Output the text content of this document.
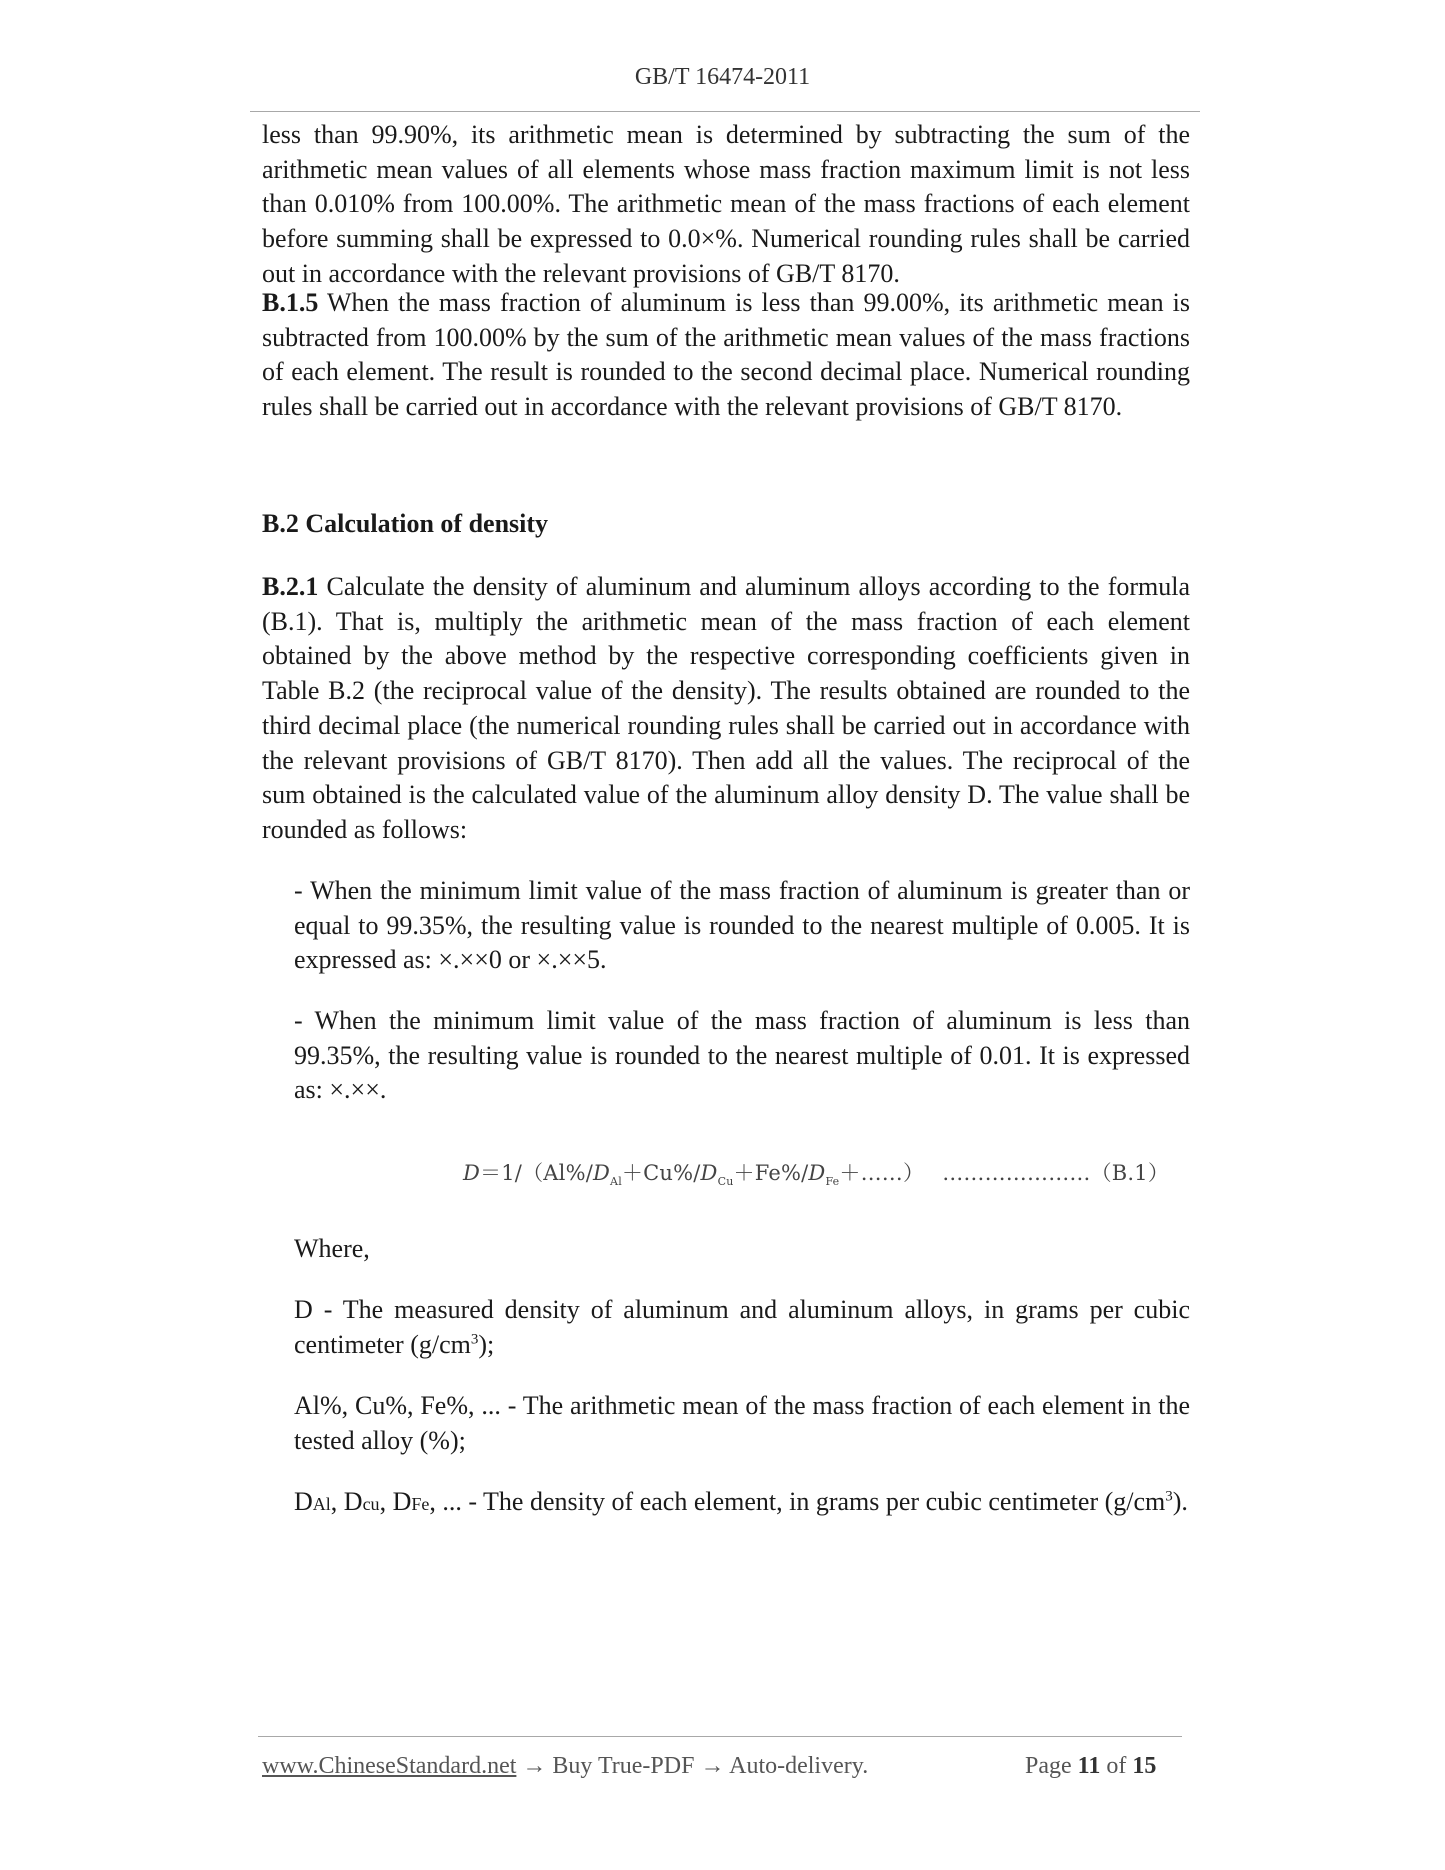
GB/T 16474-2011

less than 99.90%, its arithmetic mean is determined by subtracting the sum of the arithmetic mean values of all elements whose mass fraction maximum limit is not less than 0.010% from 100.00%. The arithmetic mean of the mass fractions of each element before summing shall be expressed to 0.0×%. Numerical rounding rules shall be carried out in accordance with the relevant provisions of GB/T 8170.

B.1.5 When the mass fraction of aluminum is less than 99.00%, its arithmetic mean is subtracted from 100.00% by the sum of the arithmetic mean values of the mass fractions of each element. The result is rounded to the second decimal place. Numerical rounding rules shall be carried out in accordance with the relevant provisions of GB/T 8170.

B.2 Calculation of density

B.2.1 Calculate the density of aluminum and aluminum alloys according to the formula (B.1). That is, multiply the arithmetic mean of the mass fraction of each element obtained by the above method by the respective corresponding coefficients given in Table B.2 (the reciprocal value of the density). The results obtained are rounded to the third decimal place (the numerical rounding rules shall be carried out in accordance with the relevant provisions of GB/T 8170). Then add all the values. The reciprocal of the sum obtained is the calculated value of the aluminum alloy density D. The value shall be rounded as follows:

- When the minimum limit value of the mass fraction of aluminum is greater than or equal to 99.35%, the resulting value is rounded to the nearest multiple of 0.005. It is expressed as: ×.××0 or ×.××5.

- When the minimum limit value of the mass fraction of aluminum is less than 99.35%, the resulting value is rounded to the nearest multiple of 0.01. It is expressed as: ×.××.

$D=1/(Al\%/D_{Al}+Cu\%/D_{Cu}+Fe\%/D_{Fe}+\dots\dots)$ …………………（B.1）

Where,

D - The measured density of aluminum and aluminum alloys, in grams per cubic centimeter $(g/cm^3)$;

Al%, Cu%, Fe%, ... - The arithmetic mean of the mass fraction of each element in the tested alloy (%);

DAl, Dcu, DFe, ... - The density of each element, in grams per cubic centimeter $(g/cm^3)$.

www.ChineseStandard.net → Buy True-PDF → Auto-delivery.	Page 11 of 15
